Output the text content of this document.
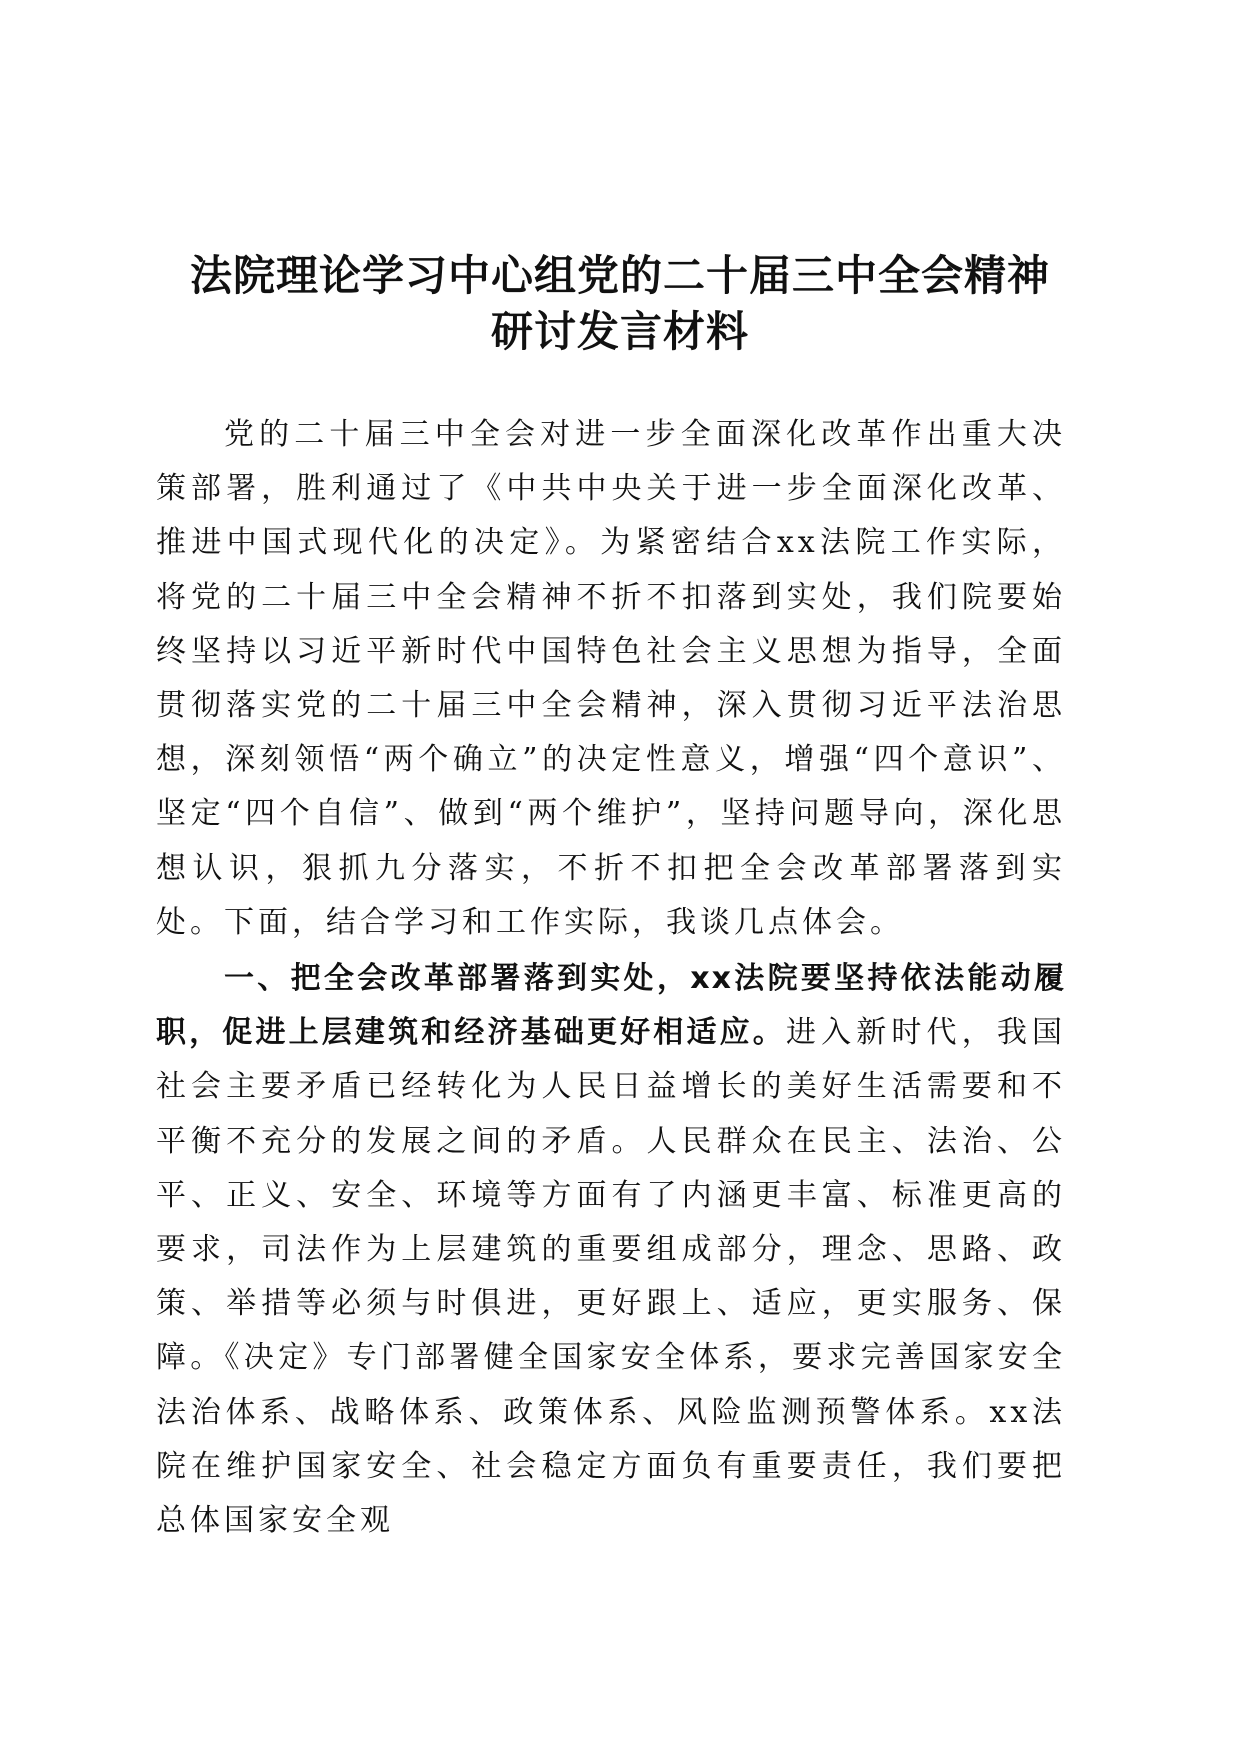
法院理论学习中心组党的二十届三中全会精神
研讨发言材料

党的二十届三中全会对进一步全面深化改革作出重大决策部署，胜利通过了《中共中央关于进一步全面深化改革、推进中国式现代化的决定》。为紧密结合xx法院工作实际，将党的二十届三中全会精神不折不扣落到实处，我们院要始终坚持以习近平新时代中国特色社会主义思想为指导，全面贯彻落实党的二十届三中全会精神，深入贯彻习近平法治思想，深刻领悟“两个确立”的决定性意义，增强“四个意识”、坚定“四个自信”、做到“两个维护”，坚持问题导向，深化思想认识，狠抓九分落实，不折不扣把全会改革部署落到实处。下面，结合学习和工作实际，我谈几点体会。

一、把全会改革部署落到实处，xx法院要坚持依法能动履职，促进上层建筑和经济基础更好相适应。进入新时代，我国社会主要矛盾已经转化为人民日益增长的美好生活需要和不平衡不充分的发展之间的矛盾。人民群众在民主、法治、公平、正义、安全、环境等方面有了内涵更丰富、标准更高的要求，司法作为上层建筑的重要组成部分，理念、思路、政策、举措等必须与时俱进，更好跟上、适应，更实服务、保障。《决定》专门部署健全国家安全体系，要求完善国家安全法治体系、战略体系、政策体系、风险监测预警体系。xx法院在维护国家安全、社会稳定方面负有重要责任，我们要把总体国家安全观
